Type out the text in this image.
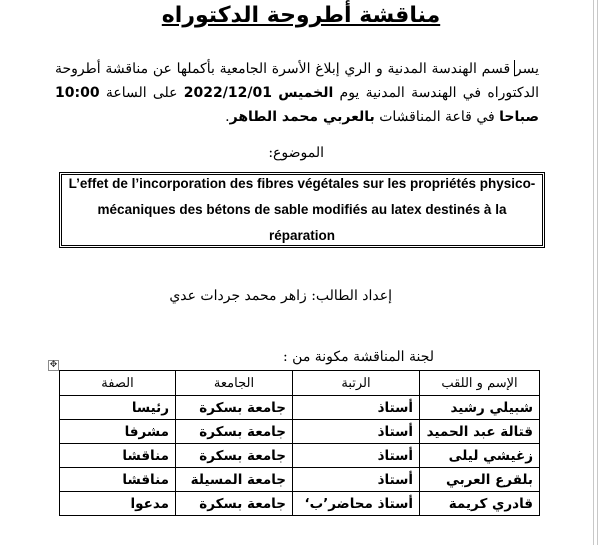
مناقشة أطروحة الدكتوراه
يسر قسم الهندسة المدنية و الري إبلاغ الأسرة الجامعية بأكملها عن مناقشة أطروحة الدكتوراه في الهندسة المدنية يوم الخميس 2022/12/01 على الساعة 10:00 صباحا في قاعة المناقشات بالعربي محمد الطاهر.
الموضوع:
L’effet de l’incorporation des fibres végétales sur les propriétés physico-mécaniques des bétons de sable modifiés au latex destinés à la réparation
إعداد الطالب: زاهر محمد جردات عدي
لجنة المناقشة مكونة من :
✥
الإسم و اللقب	الرتبة	الجامعة	الصفة
شبيلي رشيد	أستاذ	جامعة بسكرة	رئيسا
قتالة عبد الحميد	أستاذ	جامعة بسكرة	مشرفا
زغيشي ليلى	أستاذ	جامعة بسكرة	مناقشا
بلقرع العربي	أستاذ	جامعة المسيلة	مناقشا
قادري كريمة	أستاذ محاضر’ب‘	جامعة بسكرة	مدعوا
